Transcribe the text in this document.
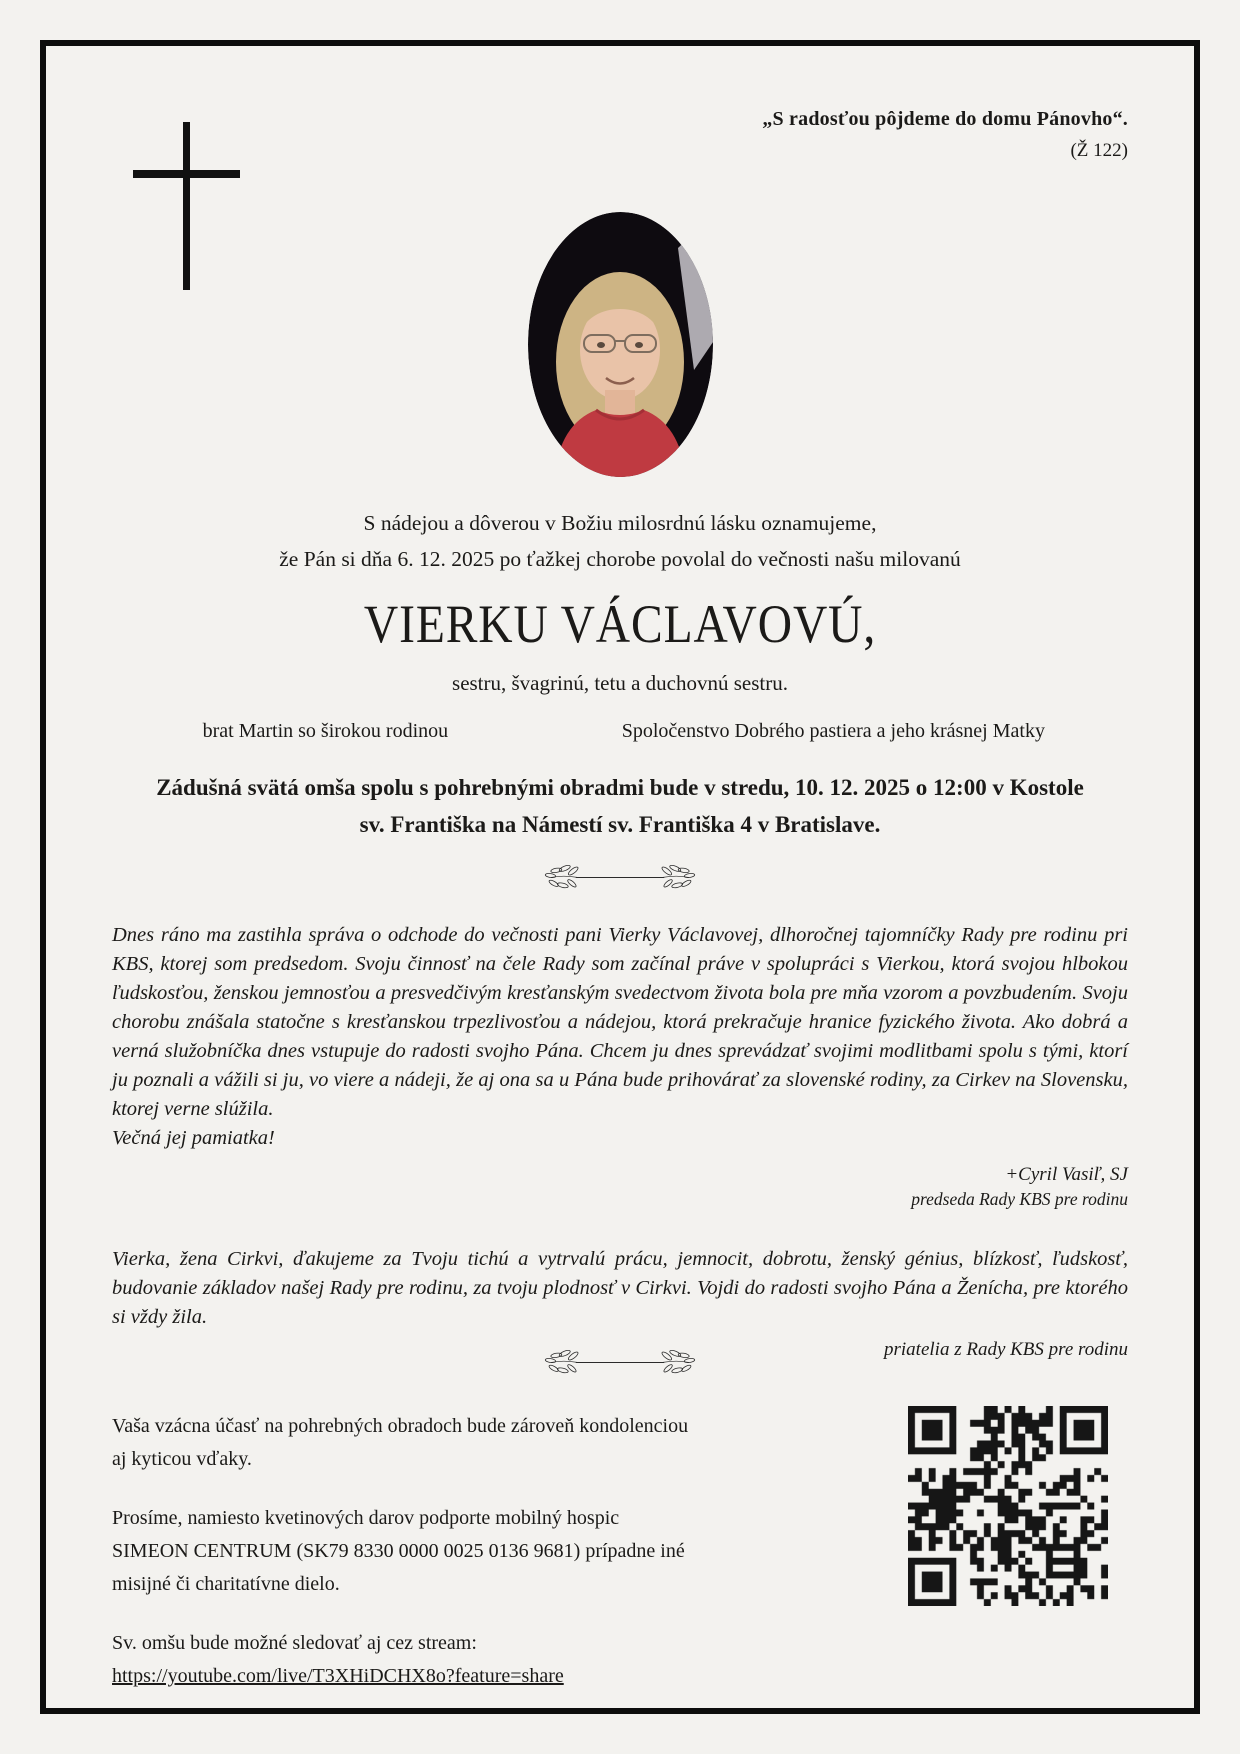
„S radosťou pôjdeme do domu Pánovho“.
(Ž 122)
S nádejou a dôverou v Božiu milosrdnú lásku oznamujeme,
že Pán si dňa 6. 12. 2025 po ťažkej chorobe povolal do večnosti našu milovanú
VIERKU VÁCLAVOVÚ,
sestru, švagrinú, tetu a duchovnú sestru.
brat Martin so širokou rodinou	Spoločenstvo Dobrého pastiera a jeho krásnej Matky
Zádušná svätá omša spolu s pohrebnými obradmi bude v stredu, 10. 12. 2025 o 12:00 v Kostole sv. Františka na Námestí sv. Františka 4 v Bratislave.
Dnes ráno ma zastihla správa o odchode do večnosti pani Vierky Václavovej, dlhoročnej tajomníčky Rady pre rodinu pri KBS, ktorej som predsedom. Svoju činnosť na čele Rady som začínal práve v spolupráci s Vierkou, ktorá svojou hlbokou ľudskosťou, ženskou jemnosťou a presvedčivým kresťanským svedectvom života bola pre mňa vzorom a povzbudením. Svoju chorobu znášala statočne s kresťanskou trpezlivosťou a nádejou, ktorá prekračuje hranice fyzického života. Ako dobrá a verná služobníčka dnes vstupuje do radosti svojho Pána. Chcem ju dnes sprevádzať svojimi modlitbami spolu s tými, ktorí ju poznali a vážili si ju, vo viere a nádeji, že aj ona sa u Pána bude prihovárať za slovenské rodiny, za Cirkev na Slovensku, ktorej verne slúžila.
Večná jej pamiatka!
+Cyril Vasiľ, SJ
predseda Rady KBS pre rodinu
Vierka, žena Cirkvi, ďakujeme za Tvoju tichú a vytrvalú prácu, jemnocit, dobrotu, ženský génius, blízkosť, ľudskosť, budovanie základov našej Rady pre rodinu, za tvoju plodnosť v Cirkvi. Vojdi do radosti svojho Pána a Ženícha, pre ktorého si vždy žila.
priatelia z Rady KBS pre rodinu

Vaša vzácna účasť na pohrebných obradoch bude zároveň kondolenciou aj kyticou vďaky.

Prosíme, namiesto kvetinových darov podporte mobilný hospic SIMEON CENTRUM (SK79 8330 0000 0025 0136 9681) prípadne iné misijné či charitatívne dielo.

Sv. omšu bude možné sledovať aj cez stream:
https://youtube.com/live/T3XHiDCHX8o?feature=share
